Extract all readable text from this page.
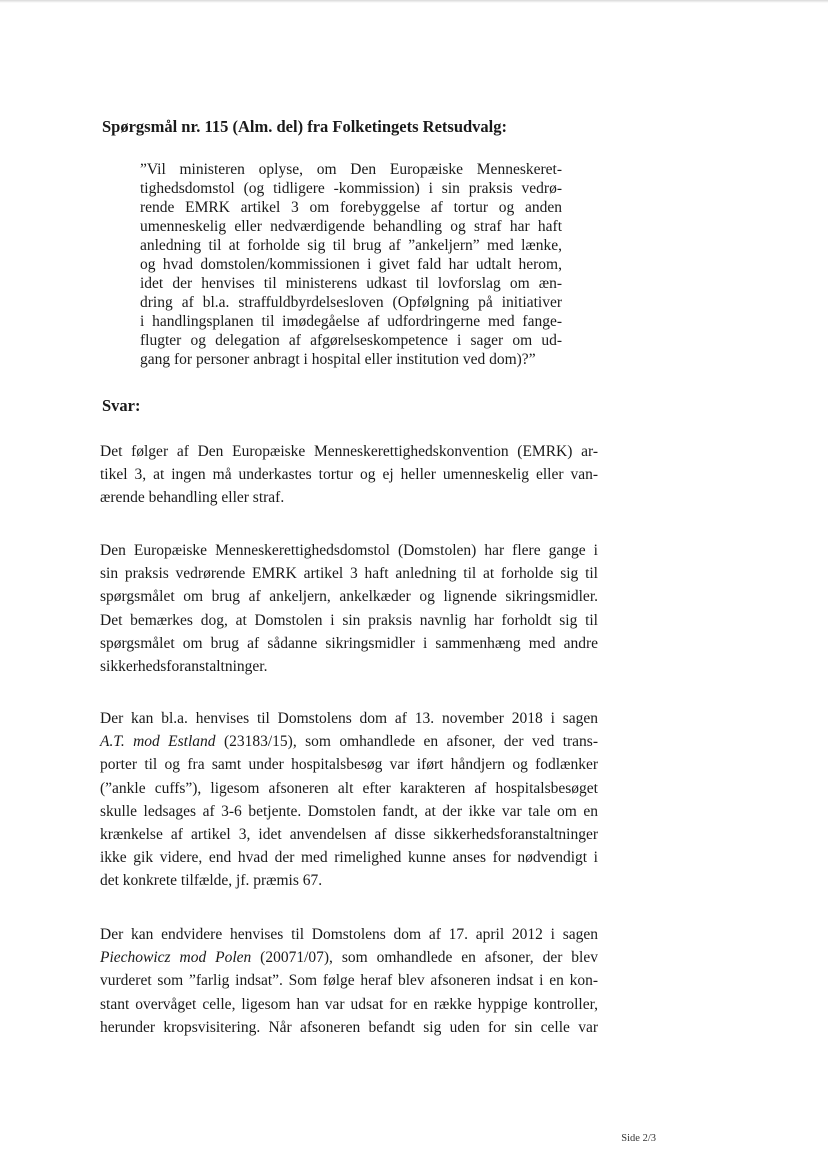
Spørgsmål nr. 115 (Alm. del) fra Folketingets Retsudvalg:

”Vil ministeren oplyse, om Den Europæiske Menneskeret-
tighedsdomstol (og tidligere -kommission) i sin praksis vedrø-
rende EMRK artikel 3 om forebyggelse af tortur og anden
umenneskelig eller nedværdigende behandling og straf har haft
anledning til at forholde sig til brug af ”ankeljern” med lænke,
og hvad domstolen/kommissionen i givet fald har udtalt herom,
idet der henvises til ministerens udkast til lovforslag om æn-
dring af bl.a. straffuldbyrdelsesloven (Opfølgning på initiativer
i handlingsplanen til imødegåelse af udfordringerne med fange-
flugter og delegation af afgørelseskompetence i sager om ud-
gang for personer anbragt i hospital eller institution ved dom)?”

Svar:

Det følger af Den Europæiske Menneskerettighedskonvention (EMRK) ar-
tikel 3, at ingen må underkastes tortur og ej heller umenneskelig eller van-
ærende behandling eller straf.

Den Europæiske Menneskerettighedsdomstol (Domstolen) har flere gange i
sin praksis vedrørende EMRK artikel 3 haft anledning til at forholde sig til
spørgsmålet om brug af ankeljern, ankelkæder og lignende sikringsmidler.
Det bemærkes dog, at Domstolen i sin praksis navnlig har forholdt sig til
spørgsmålet om brug af sådanne sikringsmidler i sammenhæng med andre
sikkerhedsforanstaltninger.

Der kan bl.a. henvises til Domstolens dom af 13. november 2018 i sagen
A.T. mod Estland (23183/15), som omhandlede en afsoner, der ved trans-
porter til og fra samt under hospitalsbesøg var iført håndjern og fodlænker
(”ankle cuffs”), ligesom afsoneren alt efter karakteren af hospitalsbesøget
skulle ledsages af 3-6 betjente. Domstolen fandt, at der ikke var tale om en
krænkelse af artikel 3, idet anvendelsen af disse sikkerhedsforanstaltninger
ikke gik videre, end hvad der med rimelighed kunne anses for nødvendigt i
det konkrete tilfælde, jf. præmis 67.

Der kan endvidere henvises til Domstolens dom af 17. april 2012 i sagen
Piechowicz mod Polen (20071/07), som omhandlede en afsoner, der blev
vurderet som ”farlig indsat”. Som følge heraf blev afsoneren indsat i en kon-
stant overvåget celle, ligesom han var udsat for en række hyppige kontroller,
herunder kropsvisitering. Når afsoneren befandt sig uden for sin celle var

Side 2/3
